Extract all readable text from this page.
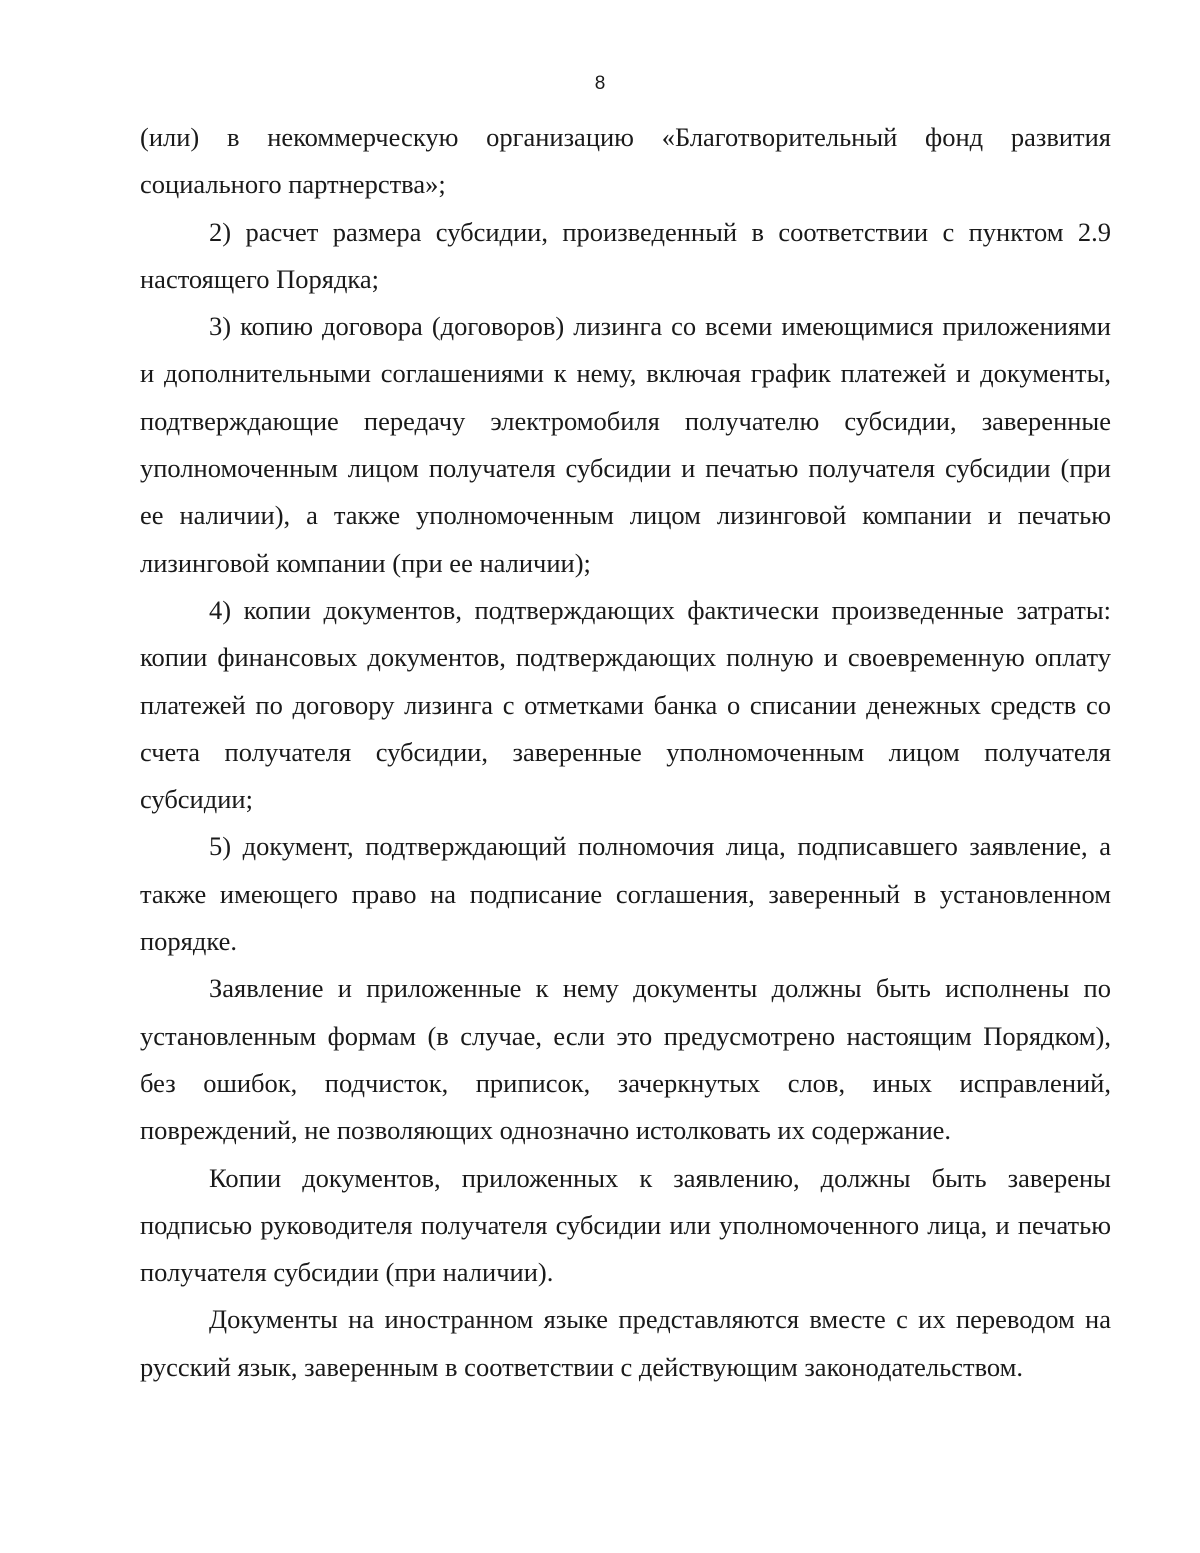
8

(или) в некоммерческую организацию «Благотворительный фонд развития социального партнерства»;

2) расчет размера субсидии, произведенный в соответствии с пунктом 2.9 настоящего Порядка;

3) копию договора (договоров) лизинга со всеми имеющимися приложениями и дополнительными соглашениями к нему, включая график платежей и документы, подтверждающие передачу электромобиля получателю субсидии, заверенные уполномоченным лицом получателя субсидии и печатью получателя субсидии (при ее наличии), а также уполномоченным лицом лизинговой компании и печатью лизинговой компании (при ее наличии);

4) копии документов, подтверждающих фактически произведенные затраты: копии финансовых документов, подтверждающих полную и своевременную оплату платежей по договору лизинга с отметками банка о списании денежных средств со счета получателя субсидии, заверенные уполномоченным лицом получателя субсидии;

5) документ, подтверждающий полномочия лица, подписавшего заявление, а также имеющего право на подписание соглашения, заверенный в установленном порядке.

Заявление и приложенные к нему документы должны быть исполнены по установленным формам (в случае, если это предусмотрено настоящим Порядком), без ошибок, подчисток, приписок, зачеркнутых слов, иных исправлений, повреждений, не позволяющих однозначно истолковать их содержание.

Копии документов, приложенных к заявлению, должны быть заверены подписью руководителя получателя субсидии или уполномоченного лица, и печатью получателя субсидии (при наличии).

Документы на иностранном языке представляются вместе с их переводом на русский язык, заверенным в соответствии с действующим законодательством.
